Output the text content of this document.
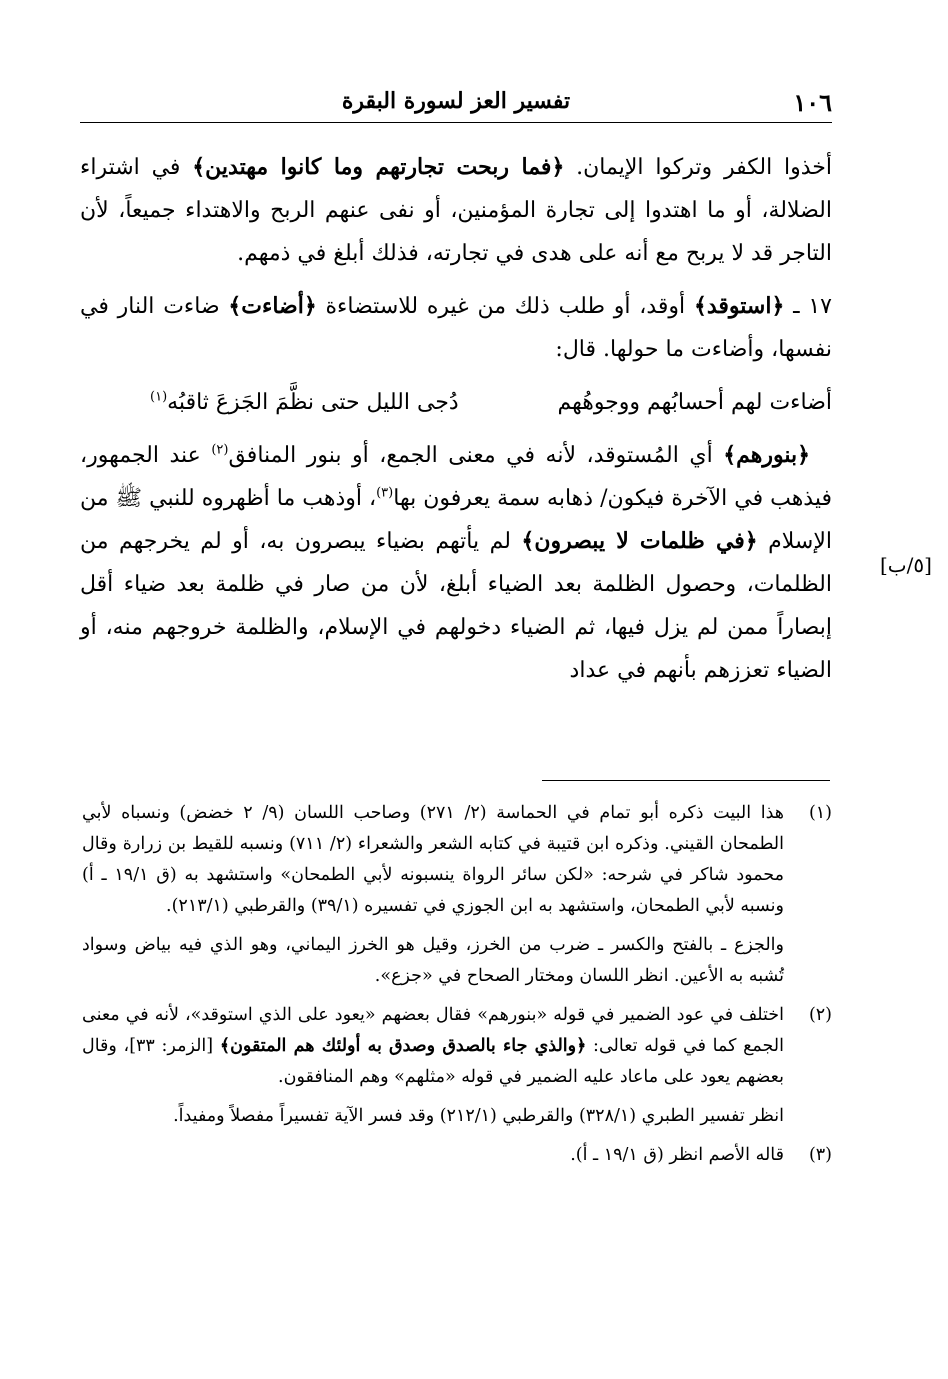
١٠٦
تفسير العز لسورة البقرة
[٥/ب]

أخذوا الكفر وتركوا الإيمان. ﴿فما ربحت تجارتهم وما كانوا مهتدين﴾ في اشتراء الضلالة، أو ما اهتدوا إلى تجارة المؤمنين، أو نفى عنهم الربح والاهتداء جميعاً، لأن التاجر قد لا يربح مع أنه على هدى في تجارته، فذلك أبلغ في ذمهم.

١٧ ـ ﴿استوقد﴾ أوقد، أو طلب ذلك من غيره للاستضاءة ﴿أضاءت﴾ ضاءت النار في نفسها، وأضاءت ما حولها. قال:

أضاءت لهم أحسابُهم ووجوهُهم
دُجى الليل حتى نظَّمَ الجَزعَ ثاقبُه$^{(١)}$

 ﴿بنورهم﴾ أي المُستوقد، لأنه في معنى الجمع، أو بنور المنافق$^{(٢)}$ عند الجمهور، فيذهب في الآخرة فيكون/ ذهابه سمة يعرفون بها$^{(٣)}$، أوذهب ما أظهروه للنبي ﷺ من الإسلام ﴿في ظلمات لا يبصرون﴾ لم يأتهم بضياء يبصرون به، أو لم يخرجهم من الظلمات، وحصول الظلمة بعد الضياء أبلغ، لأن من صار في ظلمة بعد ضياء أقل إبصاراً ممن لم يزل فيها، ثم الضياء دخولهم في الإسلام، والظلمة خروجهم منه، أو الضياء تعززهم بأنهم في عداد

(١)

هذا البيت ذكره أبو تمام في الحماسة (٢/ ٢٧١) وصاحب اللسان (٩/ ٢ خضض) ونسباه لأبي الطمحان القيني. وذكره ابن قتيبة في كتابه الشعر والشعراء (٢/ ٧١١) ونسبه للقيط بن زرارة وقال محمود شاكر في شرحه: «لكن سائر الرواة ينسبونه لأبي الطمحان» واستشهد به (ق ١٩/١ ـ أ) ونسبه لأبي الطمحان، واستشهد به ابن الجوزي في تفسيره (٣٩/١) والقرطبي (٢١٣/١).

والجزع ـ بالفتح والكسر ـ ضرب من الخرز، وقيل هو الخرز اليماني، وهو الذي فيه بياض وسواد تُشبه به الأعين. انظر اللسان ومختار الصحاح في «جزع».

(٢)

اختلف في عود الضمير في قوله «بنورهم» فقال بعضهم «يعود على الذي استوقد»، لأنه في معنى الجمع كما في قوله تعالى: ﴿والذي جاء بالصدق وصدق به أولئك هم المتقون﴾ [الزمر: ٣٣]، وقال بعضهم يعود على ماعاد عليه الضمير في قوله «مثلهم» وهم المنافقون.

انظر تفسير الطبري (٣٢٨/١) والقرطبي (٢١٢/١) وقد فسر الآية تفسيراً مفصلاً ومفيداً.

(٣)

قاله الأصم انظر (ق ١٩/١ ـ أ).
